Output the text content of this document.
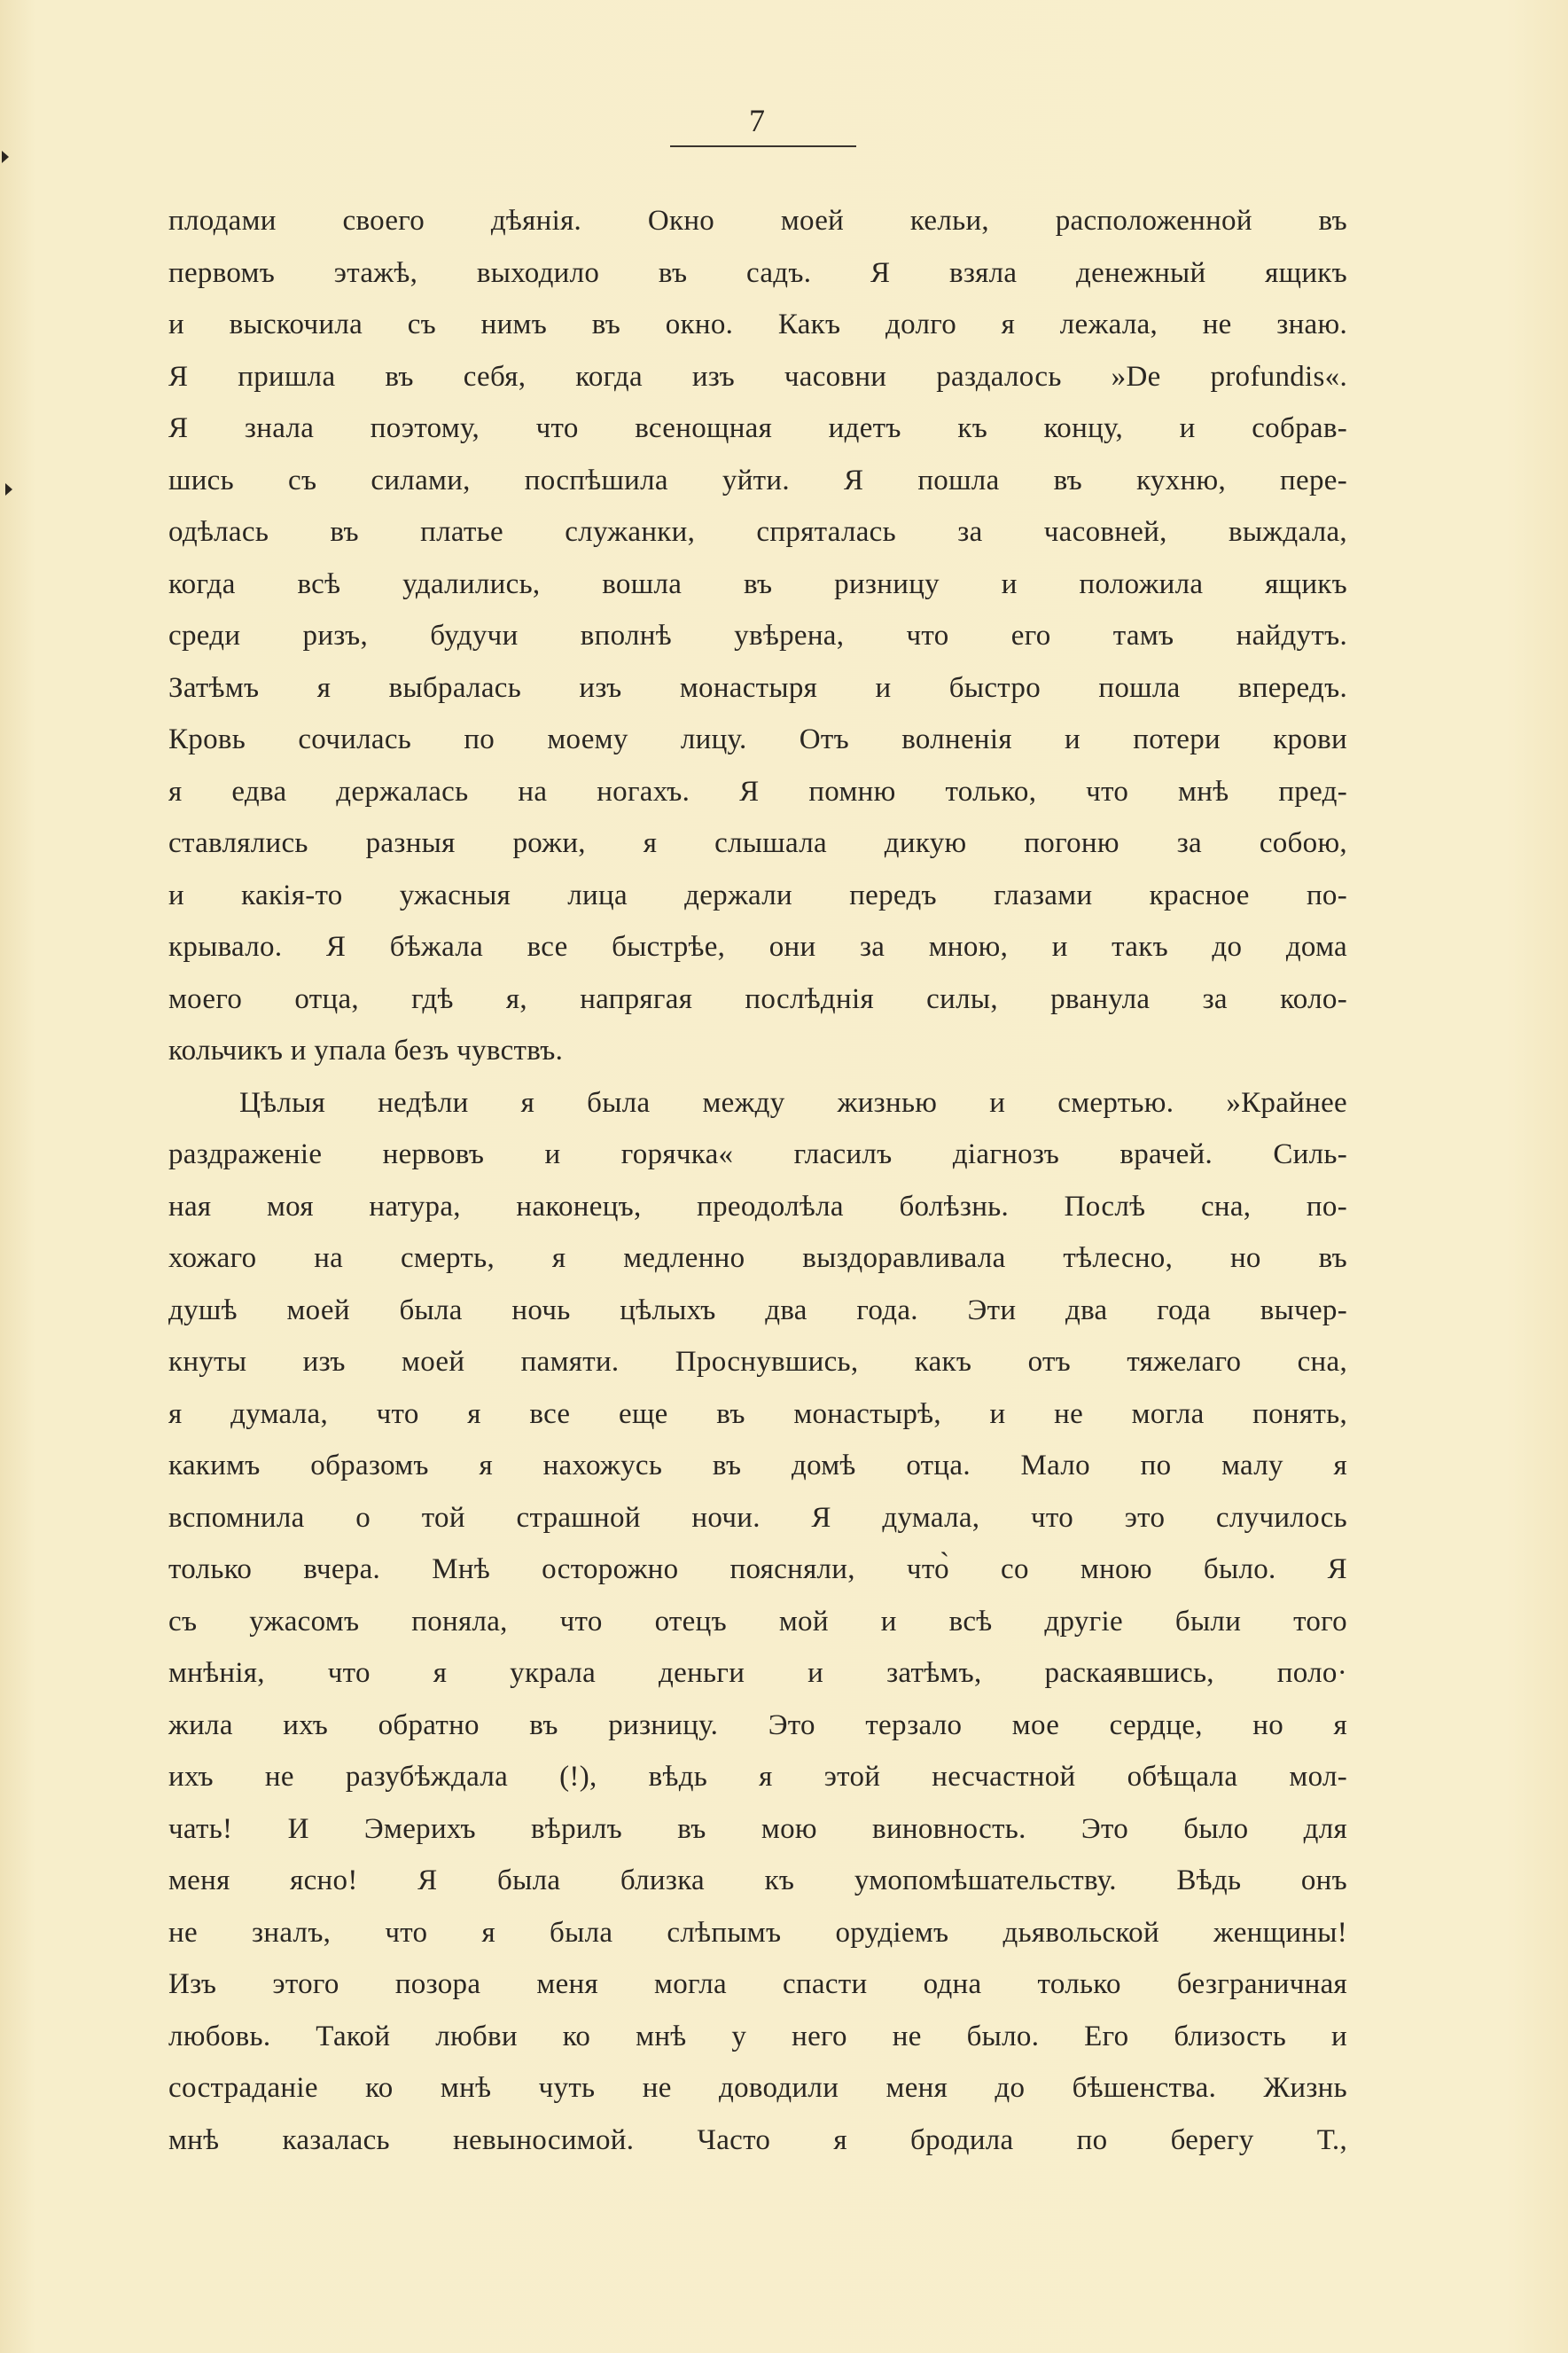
7
плодами своего дѣянія. Окно моей кельи, расположенной въ
первомъ этажѣ, выходило въ садъ. Я взяла денежный ящикъ
и выскочила съ нимъ въ окно. Какъ долго я лежала, не знаю.
Я пришла въ себя, когда изъ часовни раздалось »De profundis«.
Я знала поэтому, что всенощная идетъ къ концу, и собрав-
шись съ силами, поспѣшила уйти. Я пошла въ кухню, пере-
одѣлась въ платье служанки, спряталась за часовней, выждала,
когда всѣ удалились, вошла въ ризницу и положила ящикъ
среди ризъ, будучи вполнѣ увѣрена, что его тамъ найдутъ.
Затѣмъ я выбралась изъ монастыря и быстро пошла впередъ.
Кровь сочилась по моему лицу. Отъ волненія и потери крови
я едва держалась на ногахъ. Я помню только, что мнѣ пред-
ставлялись разныя рожи, я слышала дикую погоню за собою,
и какія-то ужасныя лица держали передъ глазами красное по-
крывало. Я бѣжала все быстрѣе, они за мною, и такъ до дома
моего отца, гдѣ я, напрягая послѣднія силы, рванула за коло-
кольчикъ и упала безъ чувствъ.
Цѣлыя недѣли я была между жизнью и смертью. »Крайнее
раздраженіе нервовъ и горячка« гласилъ діагнозъ врачей. Силь-
ная моя натура, наконецъ, преодолѣла болѣзнь. Послѣ сна, по-
хожаго на смерть, я медленно выздоравливала тѣлесно, но въ
душѣ моей была ночь цѣлыхъ два года. Эти два года вычер-
кнуты изъ моей памяти. Проснувшись, какъ отъ тяжелаго сна,
я думала, что я все еще въ монастырѣ, и не могла понять,
какимъ образомъ я нахожусь въ домѣ отца. Мало по малу я
вспомнила о той страшной ночи. Я думала, что это случилось
только вчера. Мнѣ осторожно поясняли, что̀ со мною было. Я
съ ужасомъ поняла, что отецъ мой и всѣ другіе были того
мнѣнія, что я украла деньги и затѣмъ, раскаявшись, поло·
жила ихъ обратно въ ризницу. Это терзало мое сердце, но я
ихъ не разубѣждала (!), вѣдь я этой несчастной обѣщала мол-
чать! И Эмерихъ вѣрилъ въ мою виновность. Это было для
меня ясно! Я была близка къ умопомѣшательству. Вѣдь онъ
не зналъ, что я была слѣпымъ орудіемъ дьявольской женщины!
Изъ этого позора меня могла спасти одна только безграничная
любовь. Такой любви ко мнѣ у него не было. Его близость и
состраданіе ко мнѣ чуть не доводили меня до бѣшенства. Жизнь
мнѣ казалась невыносимой. Часто я бродила по берегу Т.,
